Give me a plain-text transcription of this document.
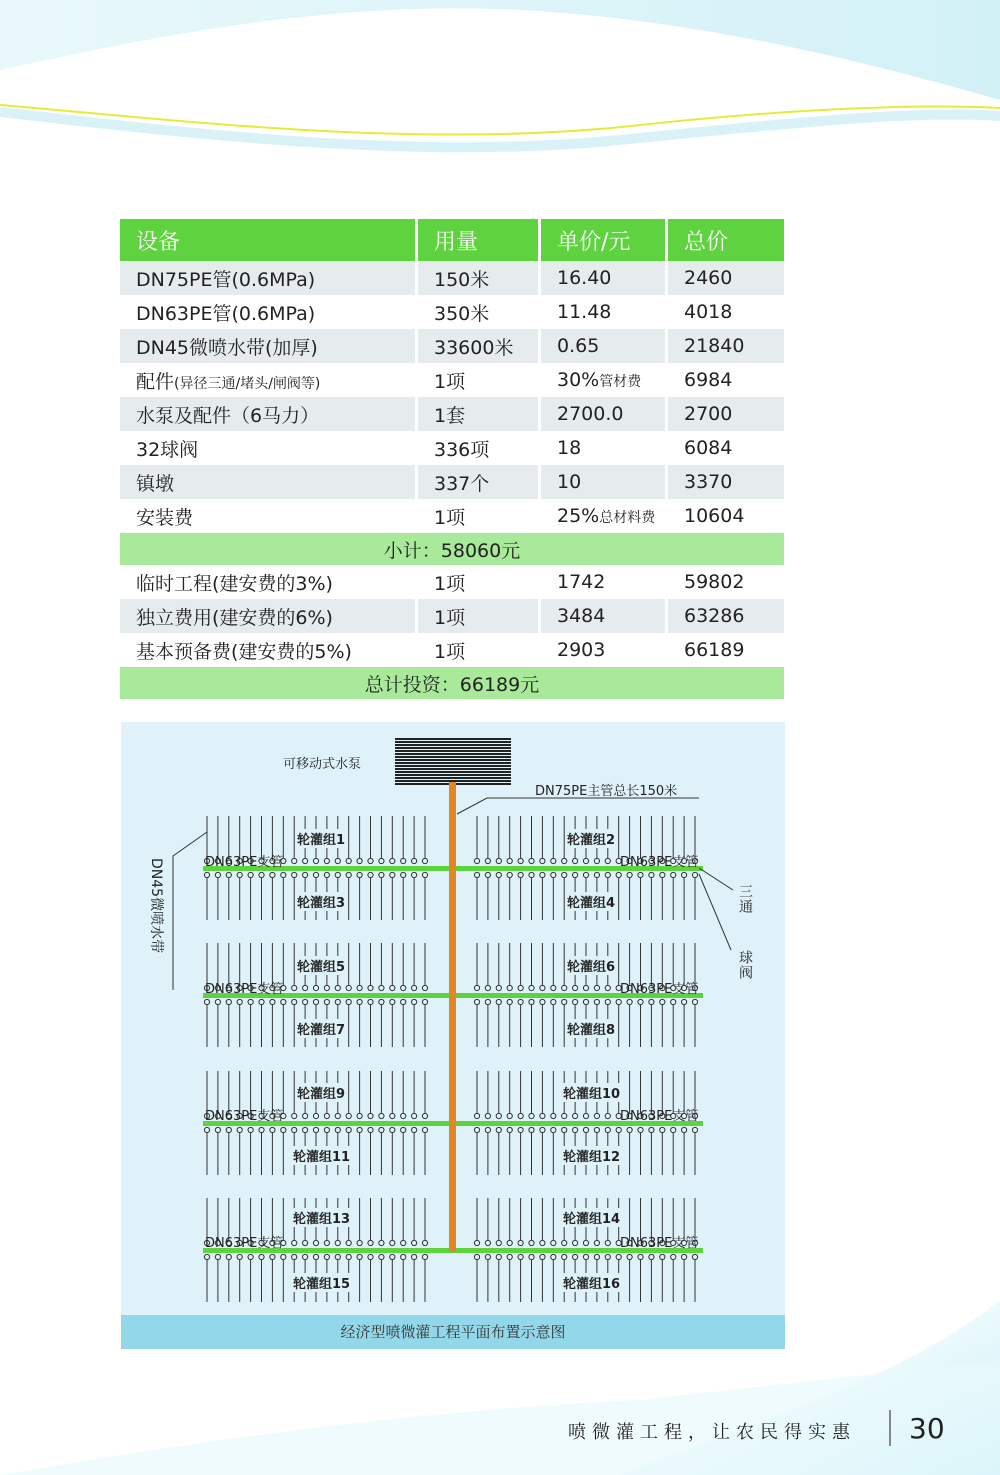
设备	用量	单价/元	总价
DN75PE管(0.6MPa)	150米	16.40	2460
DN63PE管(0.6MPa)	350米	11.48	4018
DN45微喷水带(加厚)	33600米	0.65	21840
配件(异径三通/堵头/闸阀等)	1项	30%管材费	6984
水泵及配件（6马力）	1套	2700.0	2700
32球阀	336项	18	6084
镇墩	337个	10	3370
安装费	1项	25%总材料费	10604
小计：58060元			
临时工程(建安费的3%)	1项	1742	59802
独立费用(建安费的6%)	1项	3484	63286
基本预备费(建安费的5%)	1项	2903	66189
总计投资：66189元			
可移动式水泵
DN75PE主管总长150米
DN45微喷水带	三通
球阀
DN63PE支管	DN63PE支管
DN63PE支管	DN63PE支管
DN63PE支管	DN63PE支管
DN63PE支管	DN63PE支管
轮灌组1	轮灌组2
轮灌组3	轮灌组4
轮灌组5	轮灌组6
轮灌组7	轮灌组8
轮灌组9	轮灌组10
轮灌组11	轮灌组12
轮灌组13	轮灌组14
轮灌组15	轮灌组16
经济型喷微灌工程平面布置示意图
喷微灌工程，让农民得实惠 30
